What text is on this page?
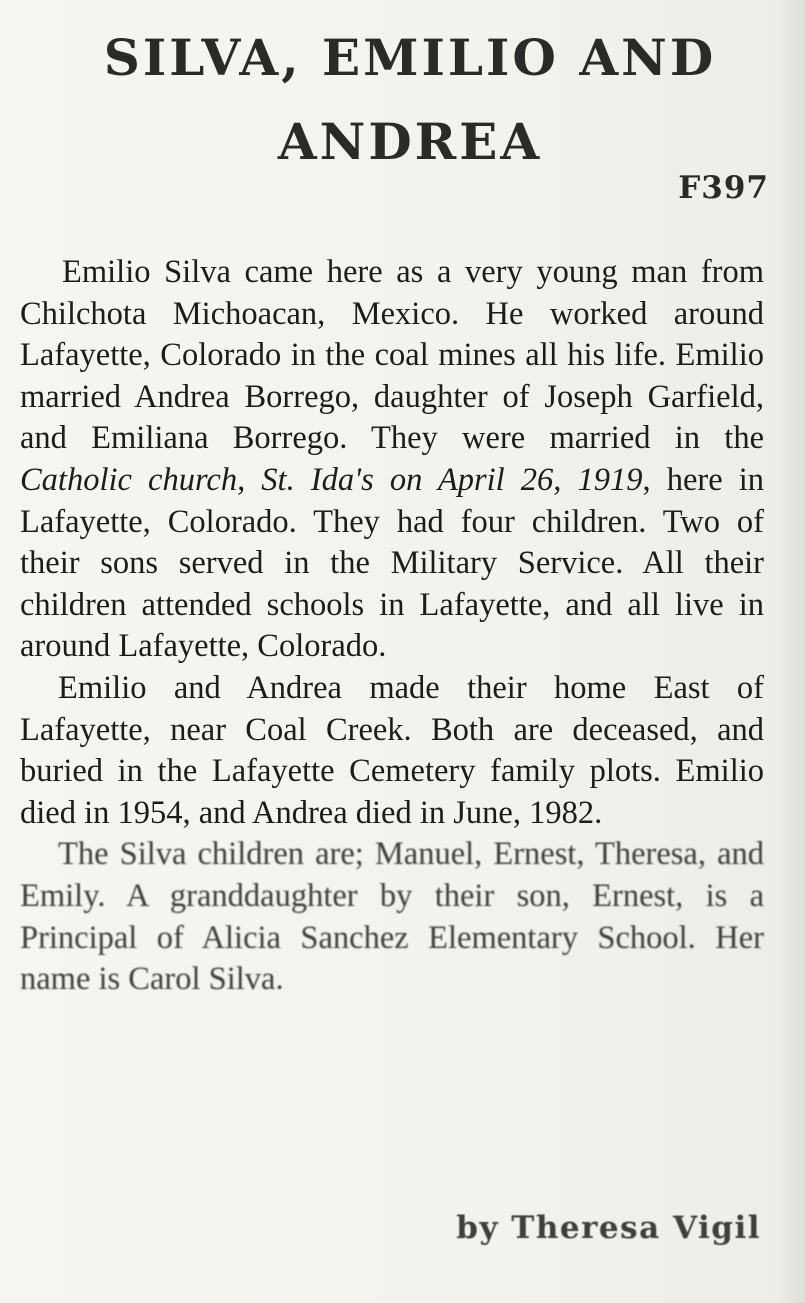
SILVA, EMILIO AND
ANDREA
F397

Emilio Silva came here as a very young man from Chilchota Michoacan, Mexico. He worked around Lafayette, Colorado in the coal mines all his life. Emilio married Andrea Borrego, daughter of Joseph Garfield, and Emiliana Borrego. They were married in the Catholic church, St. Ida's on April 26, 1919, here in Lafayette, Colorado. They had four children. Two of their sons served in the Military Service. All their children attended schools in Lafayette, and all live in around Lafayette, Colorado.

Emilio and Andrea made their home East of Lafayette, near Coal Creek. Both are deceased, and buried in the Lafayette Cemetery family plots. Emilio died in 1954, and Andrea died in June, 1982.

The Silva children are; Manuel, Ernest, Theresa, and Emily. A granddaughter by their son, Ernest, is a Principal of Alicia Sanchez Elementary School. Her name is Carol Silva.

by Theresa Vigil
